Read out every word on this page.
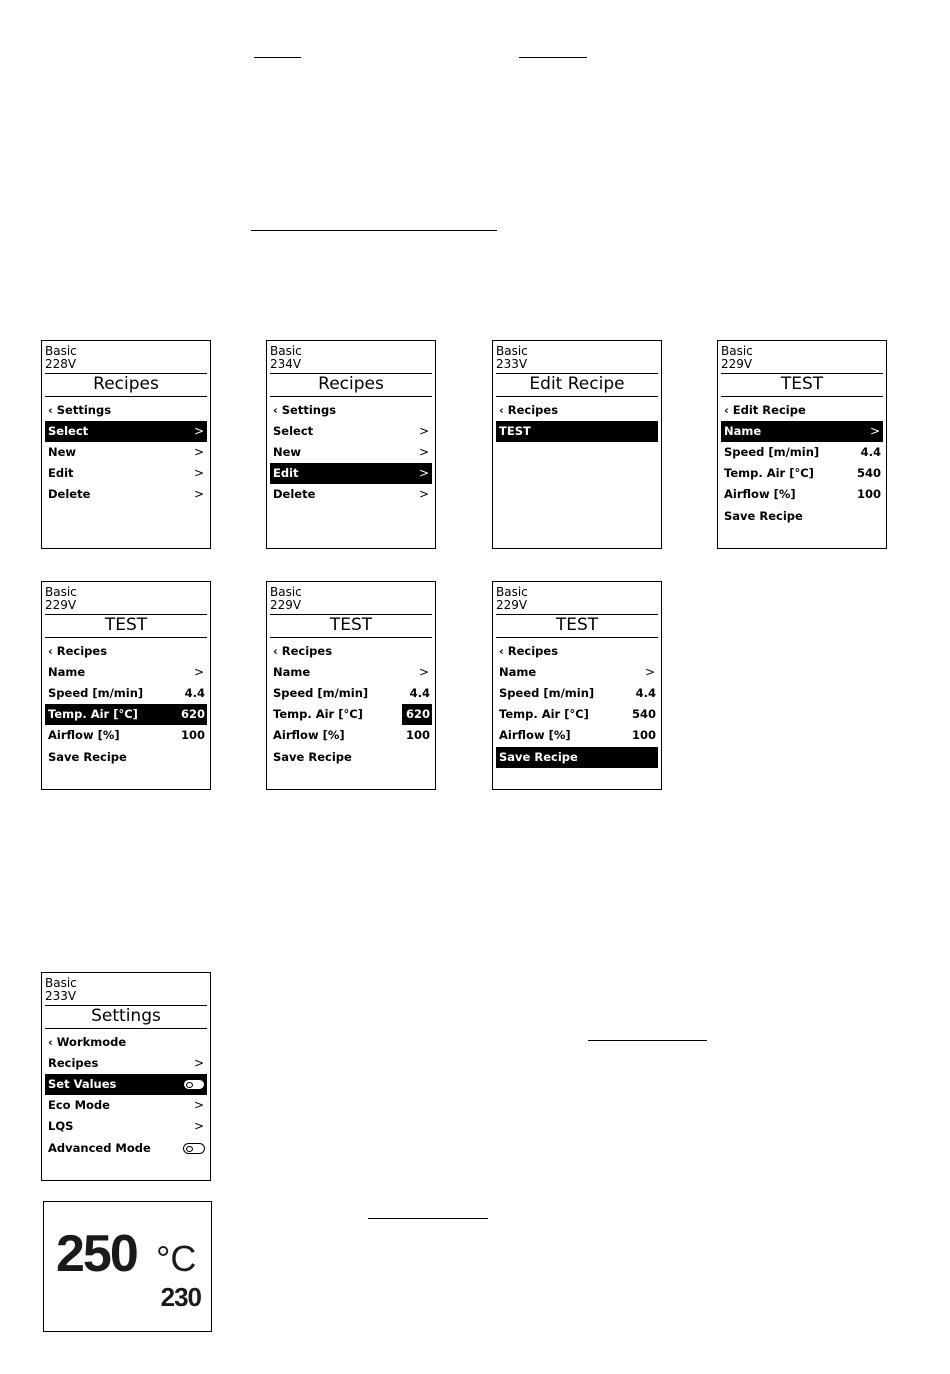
Basic
228V
Recipes
‹ Settings
Select	>
New	>
Edit	>
Delete	>
Basic
234V
Recipes
‹ Settings
Select	>
New	>
Edit	>
Delete	>
Basic
233V
Edit Recipe
‹ Recipes
TEST
Basic
229V
TEST
‹ Edit Recipe
Name	>
Speed [m/min]	4.4
Temp. Air [°C]	540
Airflow [%]	100
Save Recipe
Basic
229V
TEST
‹ Recipes
Name	>
Speed [m/min]	4.4
Temp. Air [°C]	620
Airflow [%]	100
Save Recipe
Basic
229V
TEST
‹ Recipes
Name	>
Speed [m/min]	4.4
Temp. Air [°C]	620
Airflow [%]	100
Save Recipe
Basic
229V
TEST
‹ Recipes
Name	>
Speed [m/min]	4.4
Temp. Air [°C]	540
Airflow [%]	100
Save Recipe
Basic
233V
Settings
‹ Workmode
Recipes	>
Set Values
Eco Mode	>
LQS	>
Advanced Mode
250 °C
230
